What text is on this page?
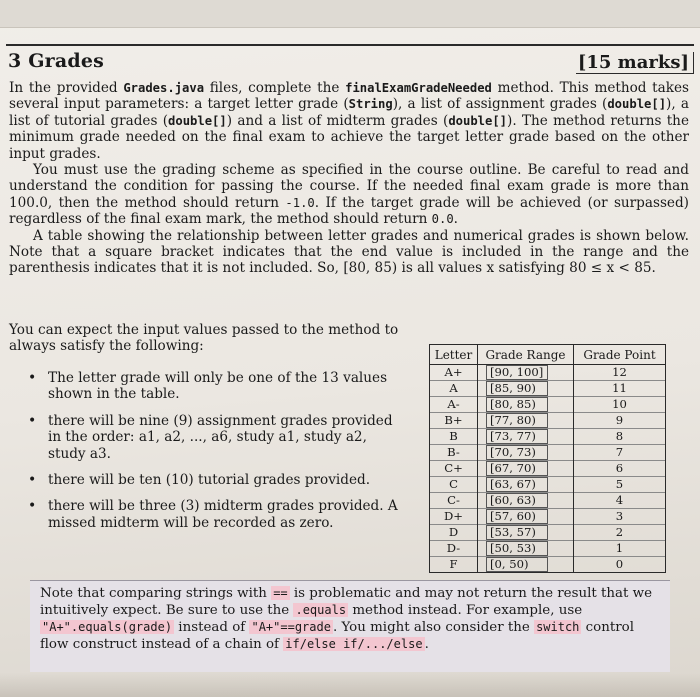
3 Grades	[15 marks]

In the provided Grades.java files, complete the finalExamGradeNeeded method. This method takes several input parameters: a target letter grade (String), a list of assignment grades (double[]), a list of tutorial grades (double[]) and a list of midterm grades (double[]). The method returns the minimum grade needed on the final exam to achieve the target letter grade based on the other input grades.

You must use the grading scheme as specified in the course outline. Be careful to read and understand the condition for passing the course. If the needed final exam grade is more than 100.0, then the method should return -1.0. If the target grade will be achieved (or surpassed) regardless of the final exam mark, the method should return 0.0.

A table showing the relationship between letter grades and numerical grades is shown below. Note that a square bracket indicates that the end value is included in the range and the parenthesis indicates that it is not included. So, [80, 85) is all values x satisfying 80 ≤ x < 85.

You can expect the input values passed to the method to always satisfy the following:
• The letter grade will only be one of the 13 values shown in the table.
• there will be nine (9) assignment grades provided in the order: a1, a2, ..., a6, study a1, study a2, study a3.
• there will be ten (10) tutorial grades provided.
• there will be three (3) midterm grades provided. A missed midterm will be recorded as zero.
Letter	Grade Range	Grade Point
A+	[90, 100]	12
A	[85, 90)	11
A-	[80, 85)	10
B+	[77, 80)	9
B	[73, 77)	8
B-	[70, 73)	7
C+	[67, 70)	6
C	[63, 67)	5
C-	[60, 63)	4
D+	[57, 60)	3
D	[53, 57)	2
D-	[50, 53)	1
F	[0, 50)	0
Note that comparing strings with == is problematic and may not return the result that we intuitively expect. Be sure to use the .equals method instead. For example, use "A+".equals(grade) instead of "A+"==grade . You might also consider the switch control flow construct instead of a chain of if/else if/.../else .
